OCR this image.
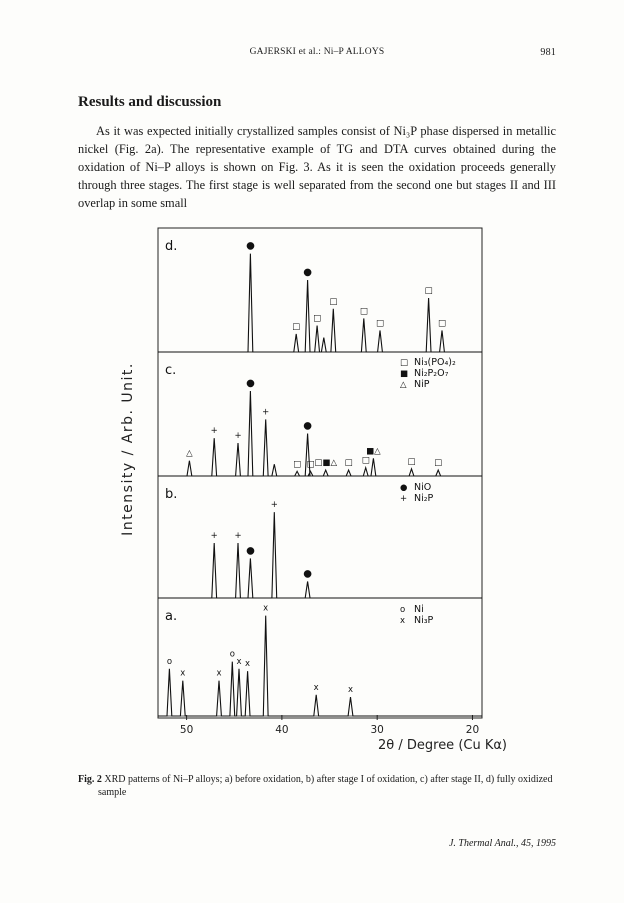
GAJERSKI et al.: Ni–P ALLOYS	981
Results and discussion

As it was expected initially crystallized samples consist of Ni₃P phase dispersed in metallic nickel (Fig. 2a). The representative example of TG and DTA curves obtained during the oxidation of Ni–P alloys is shown on Fig. 3. As it is seen the oxidation proceeds generally through three stages. The first stage is well separated from the second one but stages II and III overlap in some small

Intensity / Arb. Unit.
50	40	30	20
d.	●
□
●
□
□
□
□
□
□
c.
△
+ +
●
+
□
●
□ □■△ □ □
■△
□ □
b.
+ +
●
+
●
a.
o
x	x
o
x x
x
x	x
□ Ni₃(PO₄)₂
■ Ni₂P₂O₇
△ NiP
● NiO
+ Ni₂P
o Ni
x Ni₃P
2θ / Degree (Cu Kα)

Fig. 2 XRD patterns of Ni–P alloys; a) before oxidation, b) after stage I of oxidation, c) after stage II, d) fully oxidized sample

J. Thermal Anal., 45, 1995
